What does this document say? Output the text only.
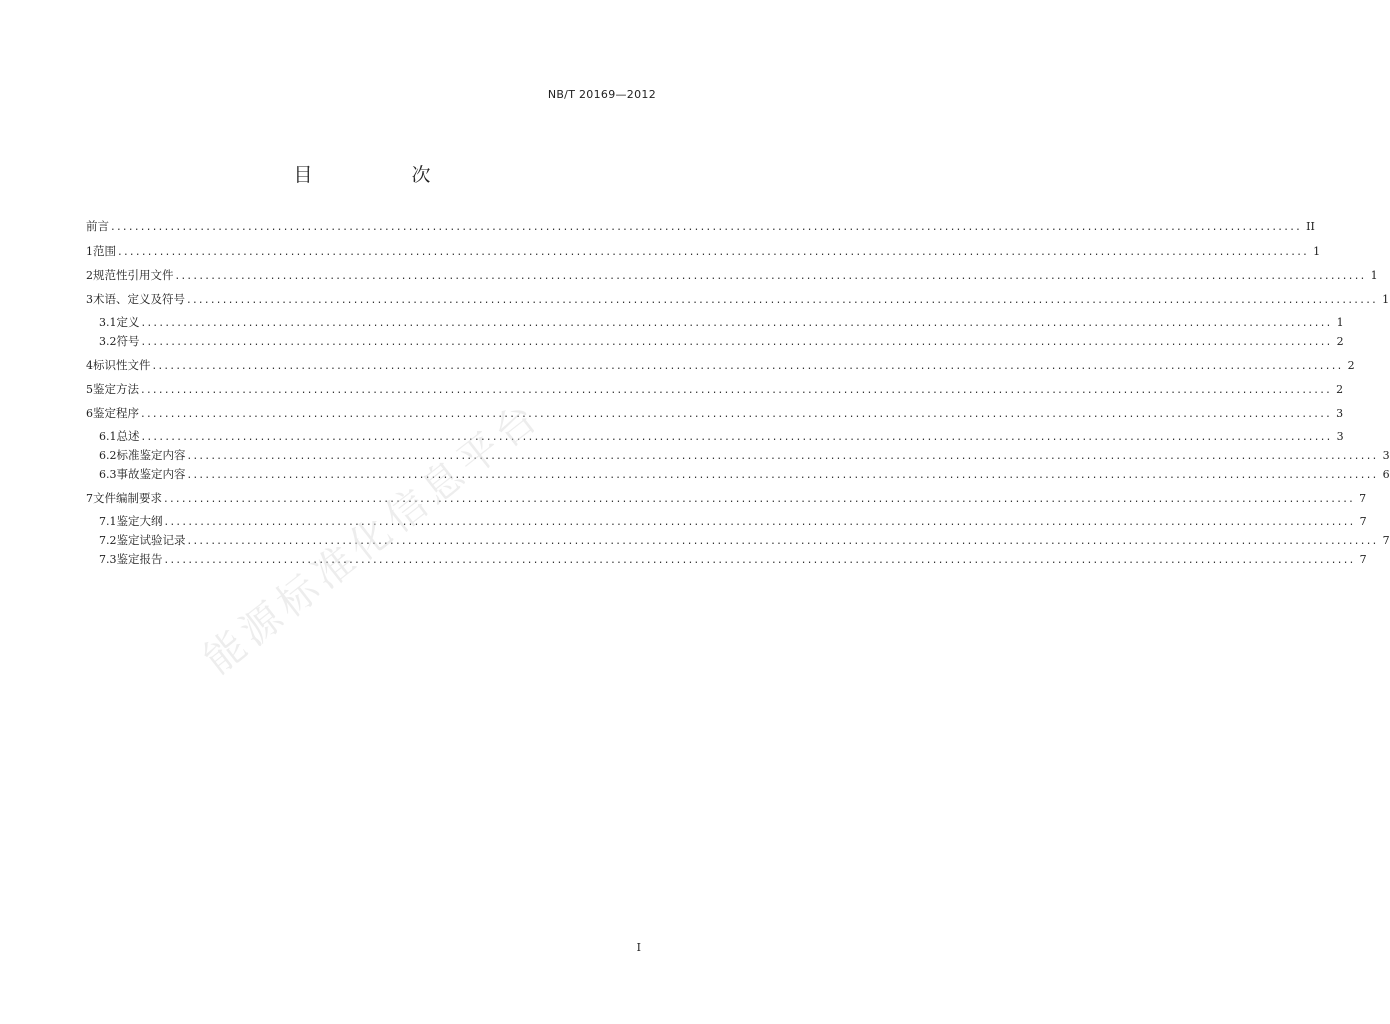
NB/T 20169—2012
目　次
前言 ........................................................................................................................................................................................................ II
1 范围 ........................................................................................................................................................................................................ 1
2 规范性引用文件 ........................................................................................................................................................................................................ 1
3 术语、定义及符号 ........................................................................................................................................................................................................ 1
3.1 定义 ........................................................................................................................................................................................................ 1
3.2 符号 ........................................................................................................................................................................................................ 2
4 标识性文件 ........................................................................................................................................................................................................ 2
5 鉴定方法 ........................................................................................................................................................................................................ 2
6 鉴定程序 ........................................................................................................................................................................................................ 3
6.1 总述 ........................................................................................................................................................................................................ 3
6.2 标准鉴定内容 ........................................................................................................................................................................................................ 3
6.3 事故鉴定内容 ........................................................................................................................................................................................................ 6
7 文件编制要求 ........................................................................................................................................................................................................ 7
7.1 鉴定大纲 ........................................................................................................................................................................................................ 7
7.2 鉴定试验记录 ........................................................................................................................................................................................................ 7
7.3 鉴定报告 ........................................................................................................................................................................................................ 7
能源标准化信息平台
I
